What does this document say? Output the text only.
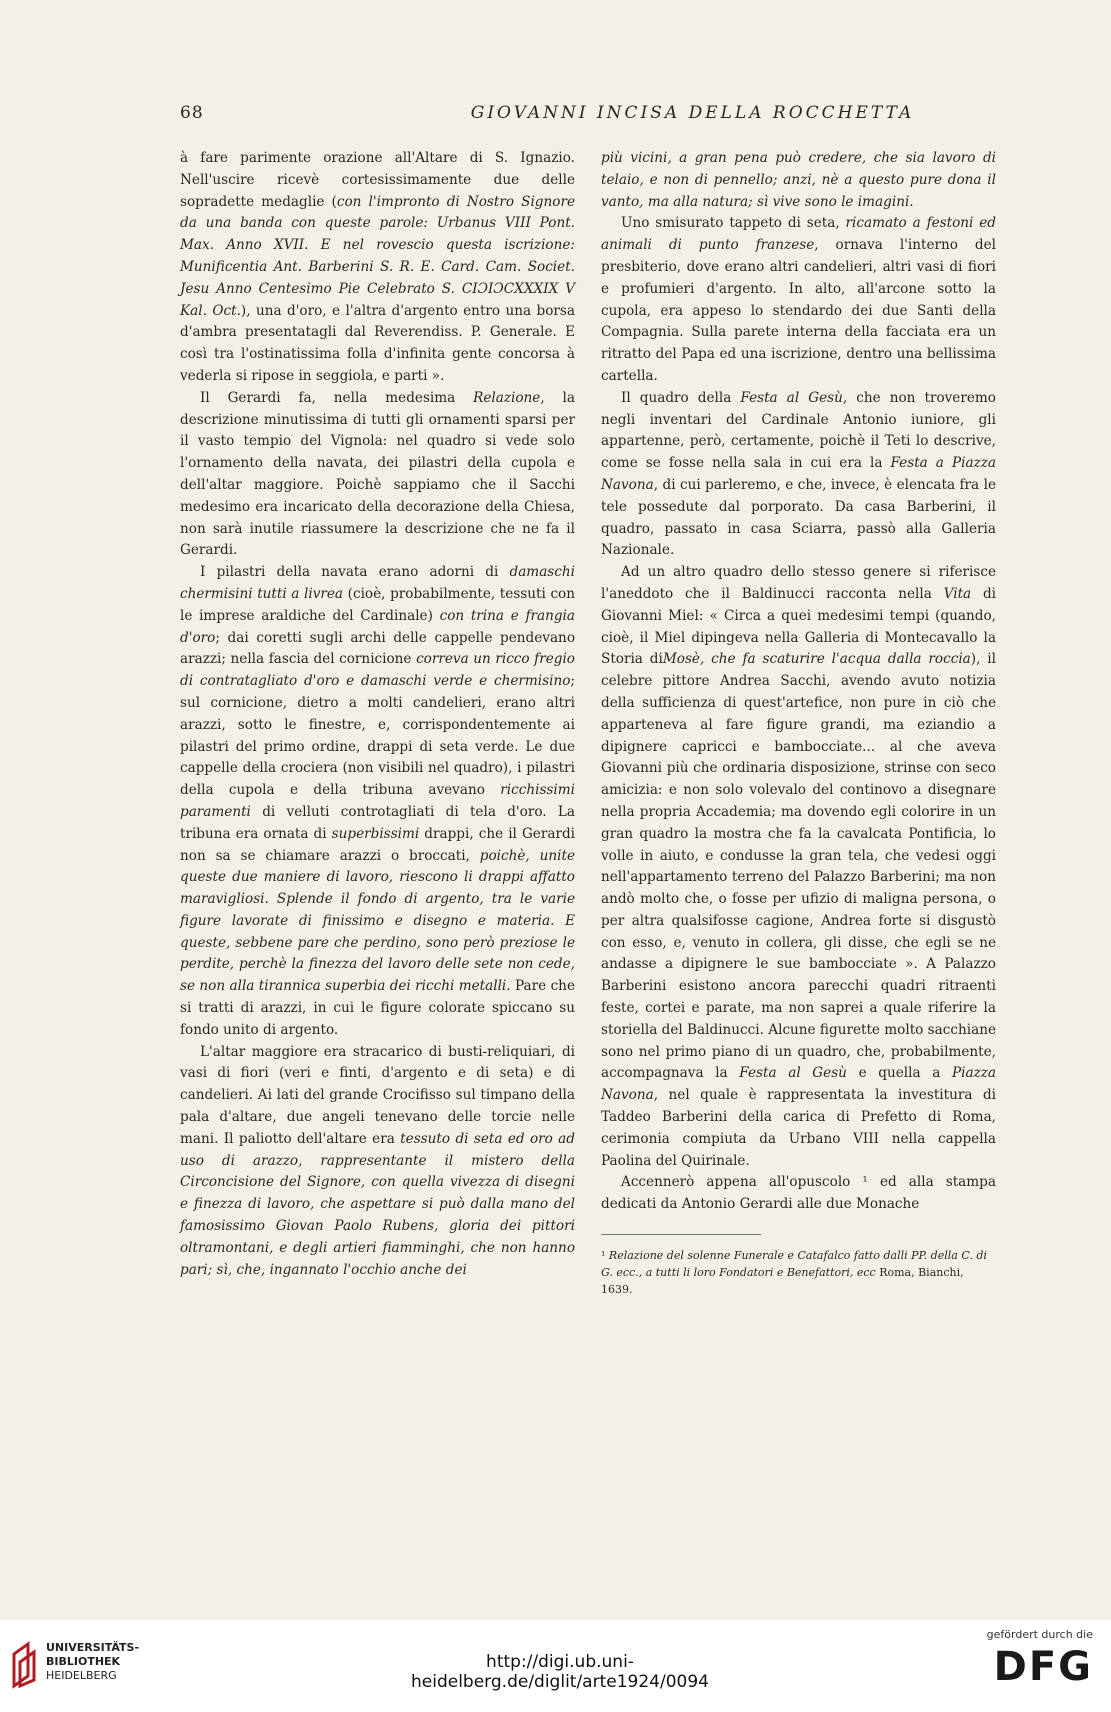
68	GIOVANNI INCISA DELLA ROCCHETTA

à fare parimente orazione all'Altare di S. Ignazio. Nell'uscire ricevè cortesissimamente due delle sopradette medaglie (con l'impronto di Nostro Signore da una banda con queste parole: Urbanus VIII Pont. Max. Anno XVII. E nel rovescio questa iscrizione: Munificentia Ant. Barberini S. R. E. Card. Cam. Societ. Jesu Anno Centesimo Pie Celebrato S. CIƆIƆCXXXIX V Kal. Oct.), una d'oro, e l'altra d'argento entro una borsa d'ambra presentatagli dal Reverendiss. P. Generale. E così tra l'ostinatissima folla d'infinita gente concorsa à vederla si ripose in seggiola, e parti ».

Il Gerardi fa, nella medesima Relazione, la descrizione minutissima di tutti gli ornamenti sparsi per il vasto tempio del Vignola: nel quadro si vede solo l'ornamento della navata, dei pilastri della cupola e dell'altar maggiore. Poichè sappiamo che il Sacchi medesimo era incaricato della decorazione della Chiesa, non sarà inutile riassumere la descrizione che ne fa il Gerardi.

I pilastri della navata erano adorni di damaschi chermisini tutti a livrea (cioè, probabilmente, tessuti con le imprese araldiche del Cardinale) con trina e frangia d'oro; dai coretti sugli archi delle cappelle pendevano arazzi; nella fascia del cornicione correva un ricco fregio di contratagliato d'oro e damaschi verde e chermisino; sul cornicione, dietro a molti candelieri, erano altri arazzi, sotto le finestre, e, corrispondentemente ai pilastri del primo ordine, drappi di seta verde. Le due cappelle della crociera (non visibili nel quadro), i pilastri della cupola e della tribuna avevano ricchissimi paramenti di velluti controtagliati di tela d'oro. La tribuna era ornata di superbissimi drappi, che il Gerardi non sa se chiamare arazzi o broccati, poichè, unite queste due maniere di lavoro, riescono li drappi affatto maravigliosi. Splende il fondo di argento, tra le varie figure lavorate di finissimo e disegno e materia. E queste, sebbene pare che perdino, sono però preziose le perdite, perchè la finezza del lavoro delle sete non cede, se non alla tirannica superbia dei ricchi metalli. Pare che si tratti di arazzi, in cui le figure colorate spiccano su fondo unito di argento.

L'altar maggiore era stracarico di busti-reliquiari, di vasi di fiori (veri e finti, d'argento e di seta) e di candelieri. Ai lati del grande Crocifisso sul timpano della pala d'altare, due angeli tenevano delle torcie nelle mani. Il paliotto dell'altare era tessuto di seta ed oro ad uso di arazzo, rappresentante il mistero della Circoncisione del Signore, con quella vivezza di disegni e finezza di lavoro, che aspettare si può dalla mano del famosissimo Giovan Paolo Rubens, gloria dei pittori oltramontani, e degli artieri fiamminghi, che non hanno pari; sì, che, ingannato l'occhio anche dei

più vicini, a gran pena può credere, che sia lavoro di telaio, e non di pennello; anzi, nè a questo pure dona il vanto, ma alla natura; sì vive sono le imagini.

Uno smisurato tappeto di seta, ricamato a festoni ed animali di punto franzese, ornava l'interno del presbiterio, dove erano altri candelieri, altri vasi di fiori e profumieri d'argento. In alto, all'arcone sotto la cupola, era appeso lo stendardo dei due Santi della Compagnia. Sulla parete interna della facciata era un ritratto del Papa ed una iscrizione, dentro una bellissima cartella.

Il quadro della Festa al Gesù, che non troveremo negli inventari del Cardinale Antonio iuniore, gli appartenne, però, certamente, poichè il Teti lo descrive, come se fosse nella sala in cui era la Festa a Piazza Navona, di cui parleremo, e che, invece, è elencata fra le tele possedute dal porporato. Da casa Barberini, il quadro, passato in casa Sciarra, passò alla Galleria Nazionale.

Ad un altro quadro dello stesso genere si riferisce l'aneddoto che il Baldinucci racconta nella Vita di Giovanni Miel: « Circa a quei medesimi tempi (quando, cioè, il Miel dipingeva nella Galleria di Montecavallo la Storia diMosè, che fa scaturire l'acqua dalla roccia), il celebre pittore Andrea Sacchi, avendo avuto notizia della sufficienza di quest'artefice, non pure in ciò che apparteneva al fare figure grandi, ma eziandio a dipignere capricci e bambocciate... al che aveva Giovanni più che ordinaria disposizione, strinse con seco amicizia: e non solo volevalo del continovo a disegnare nella propria Accademia; ma dovendo egli colorire in un gran quadro la mostra che fa la cavalcata Pontificia, lo volle in aiuto, e condusse la gran tela, che vedesi oggi nell'appartamento terreno del Palazzo Barberini; ma non andò molto che, o fosse per ufizio di maligna persona, o per altra qualsifosse cagione, Andrea forte si disgustò con esso, e, venuto in collera, gli disse, che egli se ne andasse a dipignere le sue bambocciate ». A Palazzo Barberini esistono ancora parecchi quadri ritraenti feste, cortei e parate, ma non saprei a quale riferire la storiella del Baldinucci. Alcune figurette molto sacchiane sono nel primo piano di un quadro, che, probabilmente, accompagnava la Festa al Gesù e quella a Piazza Navona, nel quale è rappresentata la investitura di Taddeo Barberini della carica di Prefetto di Roma, cerimonia compiuta da Urbano VIII nella cappella Paolina del Quirinale.

Accennerò appena all'opuscolo ¹ ed alla stampa dedicati da Antonio Gerardi alle due Monache

¹ Relazione del solenne Funerale e Catafalco fatto dalli PP. della C. di G. ecc., a tutti li loro Fondatori e Benefattori, ecc Roma, Bianchi, 1639.
UNIVERSITÄTS-
BIBLIOTHEK
HEIDELBERG
http://digi.ub.uni-heidelberg.de/diglit/arte1924/0094
gefördert durch die
DFG
